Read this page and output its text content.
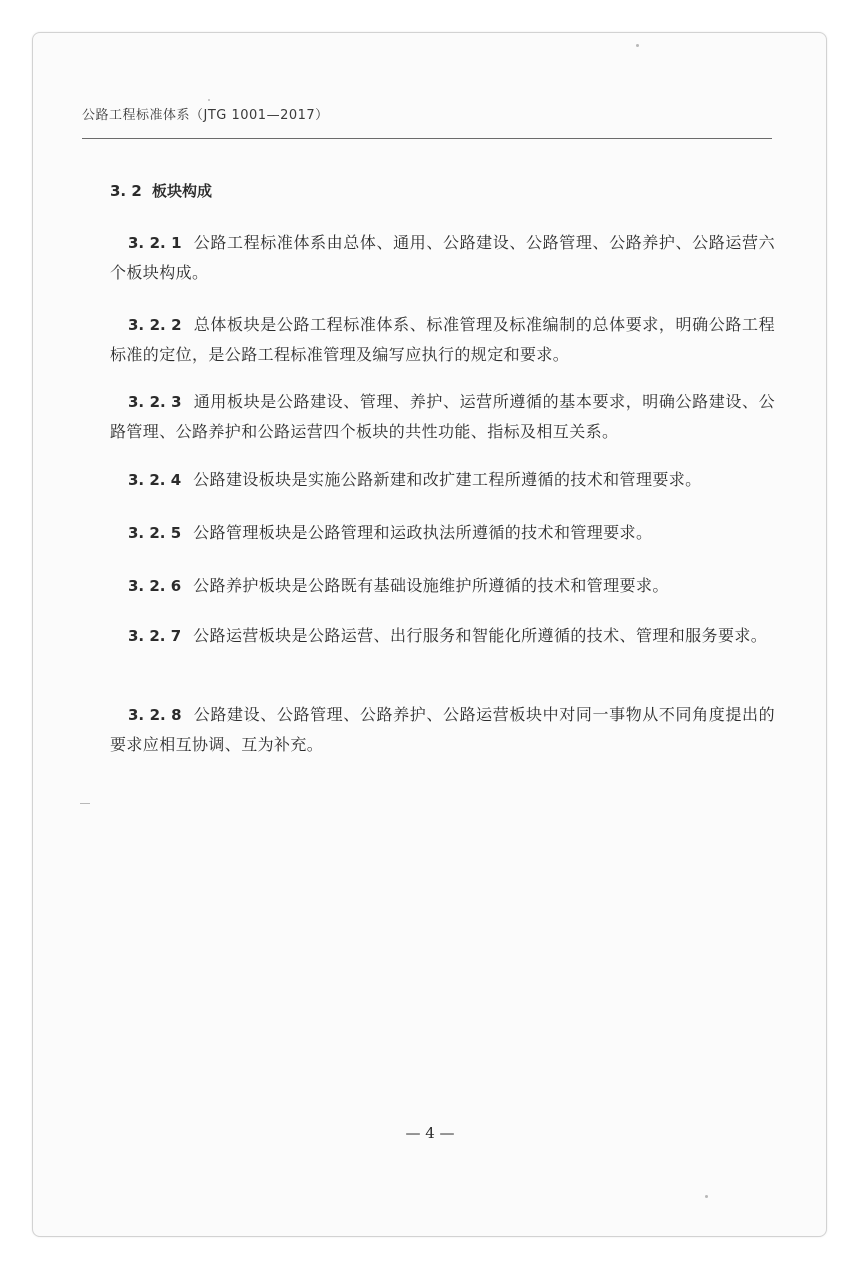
公路工程标准体系（JTG 1001—2017）
3. 2 板块构成

3. 2. 1 公路工程标准体系由总体、通用、公路建设、公路管理、公路养护、公路运营六个板块构成。

3. 2. 2 总体板块是公路工程标准体系、标准管理及标准编制的总体要求，明确公路工程标准的定位，是公路工程标准管理及编写应执行的规定和要求。

3. 2. 3 通用板块是公路建设、管理、养护、运营所遵循的基本要求，明确公路建设、公路管理、公路养护和公路运营四个板块的共性功能、指标及相互关系。

3. 2. 4 公路建设板块是实施公路新建和改扩建工程所遵循的技术和管理要求。

3. 2. 5 公路管理板块是公路管理和运政执法所遵循的技术和管理要求。

3. 2. 6 公路养护板块是公路既有基础设施维护所遵循的技术和管理要求。

3. 2. 7 公路运营板块是公路运营、出行服务和智能化所遵循的技术、管理和服务要求。

3. 2. 8 公路建设、公路管理、公路养护、公路运营板块中对同一事物从不同角度提出的要求应相互协调、互为补充。

— 4 —
